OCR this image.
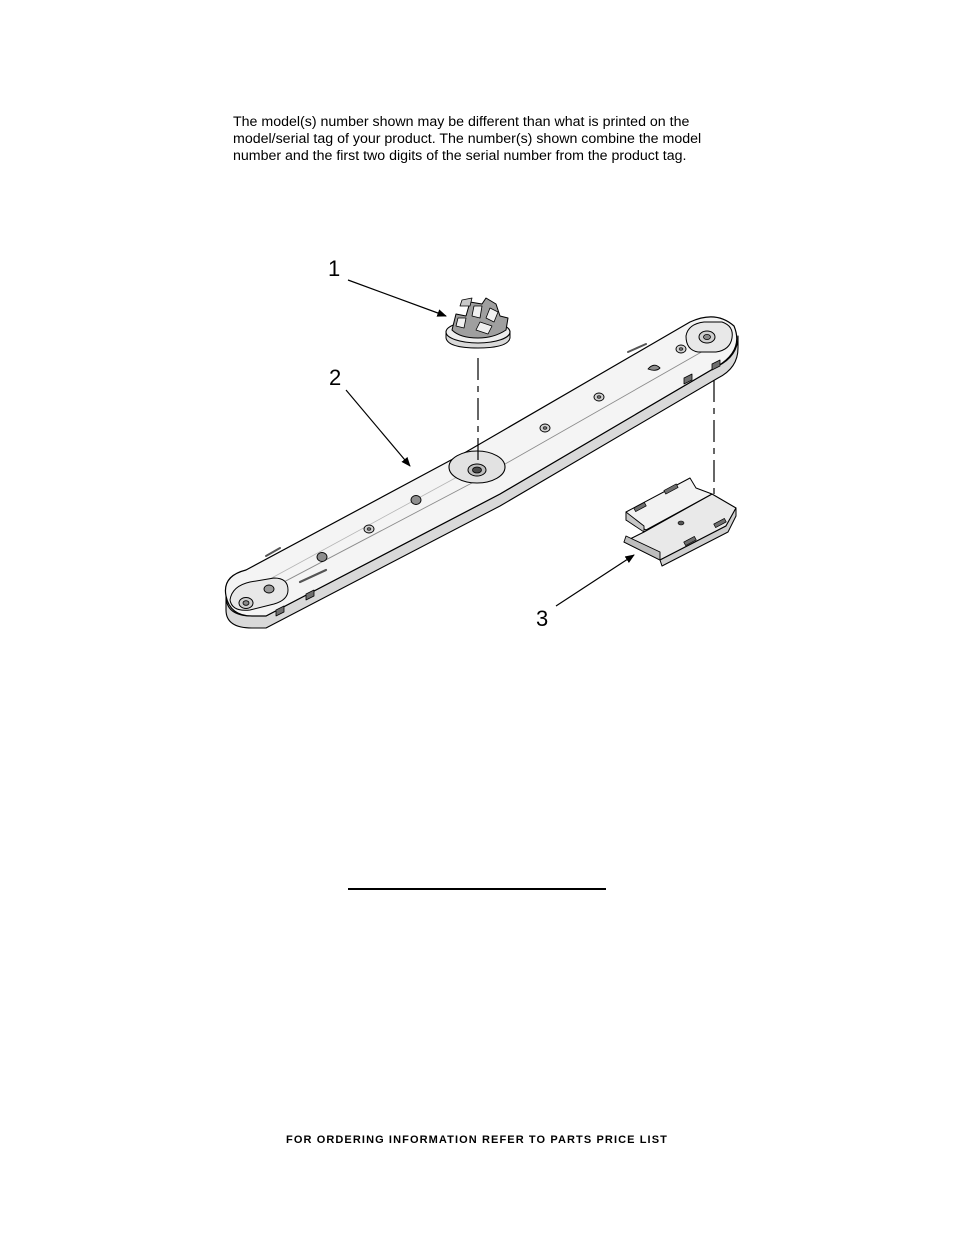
The model(s) number shown may be different than what is printed on the
model/serial tag of your product. The number(s) shown combine the model
number and the first two digits of the serial number from the product tag.

1
2
3

FOR ORDERING INFORMATION REFER TO PARTS PRICE LIST
